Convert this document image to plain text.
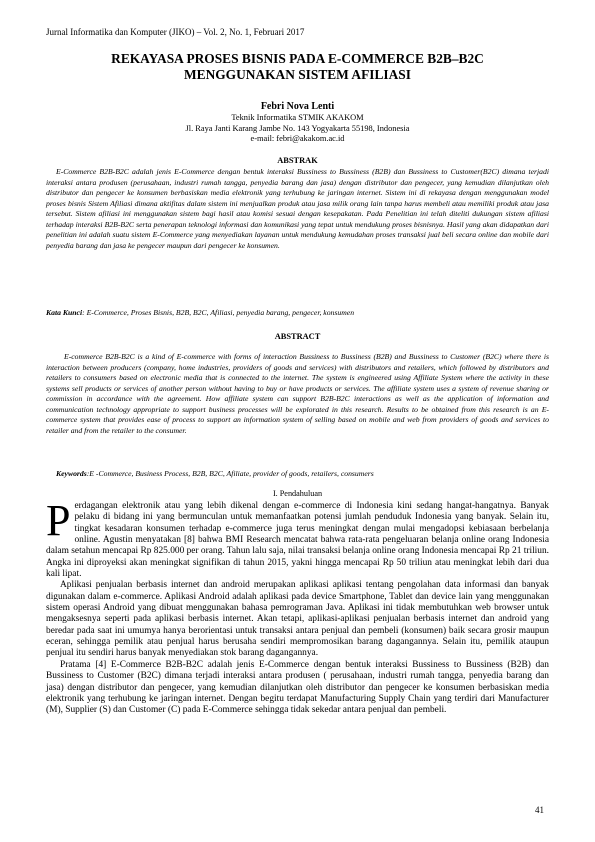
Jurnal Informatika dan Komputer (JIKO) – Vol. 2, No. 1, Februari 2017
REKAYASA PROSES BISNIS PADA E-COMMERCE B2B–B2C
MENGGUNAKAN SISTEM AFILIASI
Febri Nova Lenti
Teknik Informatika STMIK AKAKOM
Jl. Raya Janti Karang Jambe No. 143 Yogyakarta 55198, Indonesia
e-mail: febri@akakom.ac.id
ABSTRAK
E-Commerce B2B-B2C adalah jenis E-Commerce dengan bentuk interaksi Bussiness to Bussiness (B2B) dan Bussiness to Customer(B2C) dimana terjadi interaksi antara produsen (perusahaan, industri rumah tangga, penyedia barang dan jasa) dengan distributor dan pengecer, yang kemudian dilanjutkan oleh distributor dan pengecer ke konsumen berbasiskan media elektronik yang terhubung ke jaringan internet. Sistem ini di rekayasa dengan menggunakan model proses bisnis Sistem Afiliasi dimana aktifitas dalam sistem ini menjualkan produk atau jasa milik orang lain tanpa harus membeli atau memiliki produk atau jasa tersebut. Sistem afiliasi ini menggunakan sistem bagi hasil atau komisi sesuai dengan kesepakatan. Pada Penelitian ini telah diteliti dukungan sistem afiliasi terhadap interaksi B2B-B2C serta penerapan teknologi informasi dan komunikasi yang tepat untuk mendukung proses bisnisnya. Hasil yang akan didapatkan dari penelitian ini adalah suatu sistem E-Commerce yang menyediakan layanan untuk mendukung kemudahan proses transaksi jual beli secara online dan mobile dari penyedia barang dan jasa ke pengecer maupun dari pengecer ke konsumen.
Kata Kunci: E-Commerce, Proses Bisnis, B2B, B2C, Afiliasi, penyedia barang, pengecer, konsumen
ABSTRACT
E-commerce B2B-B2C is a kind of E-commerce with forms of interaction Bussiness to Bussiness (B2B) and Bussiness to Customer (B2C) where there is interaction between producers (company, home industries, providers of goods and services) with distributors and retailers, which followed by distributors and retailers to consumers based on electronic media that is connected to the internet. The system is engineered using Affiliate System where the activity in these systems sell products or services of another person without having to buy or have products or services. The affiliate system uses a system of revenue sharing or commission in accordance with the agreement. How affiliate system can support B2B-B2C interactions as well as the application of information and communication technology appropriate to support business processes will be explorated in this research. Results to be obtained from this research is an E-commerce system that provides ease of process to support an information system of selling based on mobile and web from providers of goods and services to retailer and from the retailer to the consumer.
Keywords:E -Commerce, Business Process, B2B, B2C, Afiliate, provider of goods, retailers, consumers
I. Pendahuluan

Perdagangan elektronik atau yang lebih dikenal dengan e-commerce di Indonesia kini sedang hangat-hangatnya. Banyak pelaku di bidang ini yang bermunculan untuk memanfaatkan potensi jumlah penduduk Indonesia yang banyak. Selain itu, tingkat kesadaran konsumen terhadap e-commerce juga terus meningkat dengan mulai mengadopsi kebiasaan berbelanja online. Agustin menyatakan [8] bahwa BMI Research mencatat bahwa rata-rata pengeluaran belanja online orang Indonesia dalam setahun mencapai Rp 825.000 per orang. Tahun lalu saja, nilai transaksi belanja online orang Indonesia mencapai Rp 21 triliun. Angka ini diproyeksi akan meningkat signifikan di tahun 2015, yakni hingga mencapai Rp 50 triliun atau meningkat lebih dari dua kali lipat.

Aplikasi penjualan berbasis internet dan android merupakan aplikasi aplikasi tentang pengolahan data informasi dan banyak digunakan dalam e-commerce. Aplikasi Android adalah aplikasi pada device Smartphone, Tablet dan device lain yang menggunakan sistem operasi Android yang dibuat menggunakan bahasa pemrograman Java. Aplikasi ini tidak membutuhkan web browser untuk mengaksesnya seperti pada aplikasi berbasis internet. Akan tetapi, aplikasi-aplikasi penjualan berbasis internet dan android yang beredar pada saat ini umumya hanya berorientasi untuk transaksi antara penjual dan pembeli (konsumen) baik secara grosir maupun eceran, sehingga pemilik atau penjual harus berusaha sendiri mempromosikan barang dagangannya. Selain itu, pemilik ataupun penjual itu sendiri harus banyak menyediakan stok barang dagangannya.

Pratama [4] E-Commerce B2B-B2C adalah jenis E-Commerce dengan bentuk interaksi Bussiness to Bussiness (B2B) dan Bussiness to Customer (B2C) dimana terjadi interaksi antara produsen ( perusahaan, industri rumah tangga, penyedia barang dan jasa) dengan distributor dan pengecer, yang kemudian dilanjutkan oleh distributor dan pengecer ke konsumen berbasiskan media elektronik yang terhubung ke jaringan internet. Dengan begitu terdapat Manufacturing Supply Chain yang terdiri dari Manufacturer (M), Supplier (S) dan Customer (C) pada E-Commerce sehingga tidak sekedar antara penjual dan pembeli.

41
